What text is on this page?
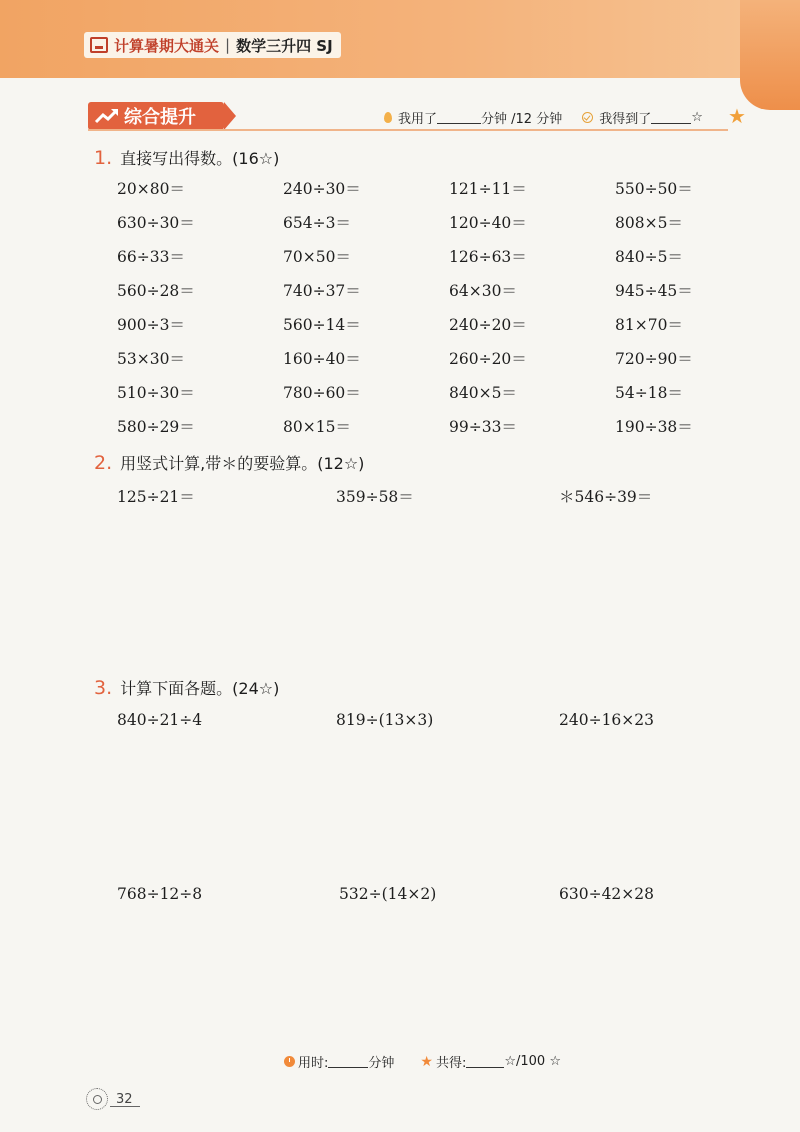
计算暑期大通关 | 数学三升四 SJ
综合提升	我用了	分钟 /12 分钟	我得到了	☆ ★
1. 直接写出得数。(16☆)
20×80＝	240÷30＝	121÷11＝	550÷50＝
630÷30＝	654÷3＝	120÷40＝	808×5＝
66÷33＝	70×50＝	126÷63＝	840÷5＝
560÷28＝	740÷37＝	64×30＝	945÷45＝
900÷3＝	560÷14＝	240÷20＝	81×70＝
53×30＝	160÷40＝	260÷20＝	720÷90＝
510÷30＝	780÷60＝	840×5＝	54÷18＝
580÷29＝	80×15＝	99÷33＝	190÷38＝
2. 用竖式计算,带＊的要验算。(12☆)
125÷21＝	359÷58＝	＊546÷39＝
3. 计算下面各题。(24☆)
840÷21÷4	819÷(13×3)	240÷16×23
768÷12÷8	532÷(14×2)	630÷42×28
用时:	分钟 ★ 共得:	☆/100 ☆
32
